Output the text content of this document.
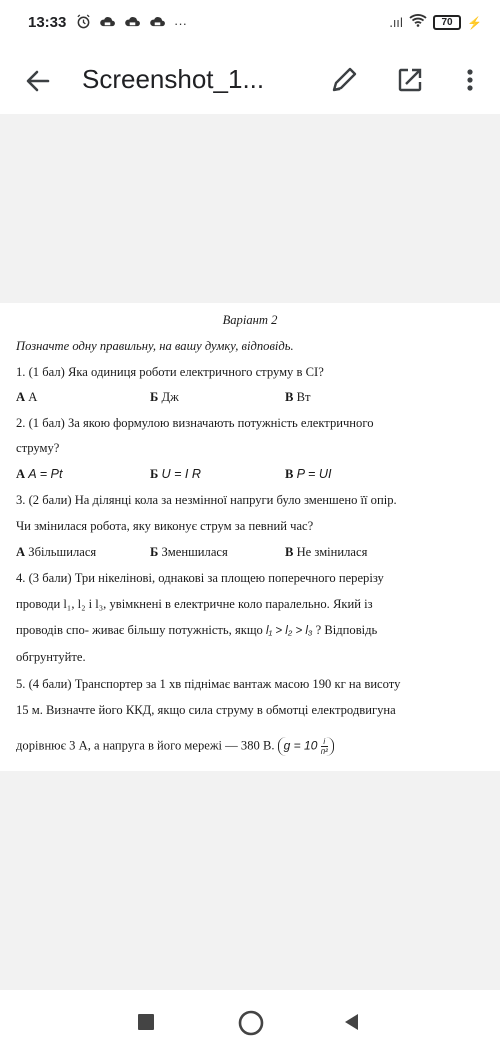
13:33	···	.ııl	70	⚡
Screenshot_1...
Варіант 2
Позначте одну правильну, на вашу думку, відповідь.
1. (1 бал) Яка одиниця роботи електричного струму в СІ?
А А	Б Дж	В Вт
2. (1 бал) За якою формулою визначають потужність електричного
струму?
А A = Pt	Б U = I R	В P = UI
3. (2 бали) На ділянці кола за незмінної напруги було зменшено її опір.
Чи змінилася робота, яку виконує струм за певний час?
А Збільшилася	Б Зменшилася	В Не змінилася
4. (3 бали) Три нікелінові, однакові за площею поперечного перерізу
проводи l₁, l₂ і l₃, увімкнені в електричне коло паралельно. Який із
проводів спо- живає більшу потужність, якщо l₁ > l₂ > l₃ ? Відповідь
обгрунтуйте.
5. (4 бали) Транспортер за 1 хв піднімає вантаж масою 190 кг на висоту
15 м. Визначте його ККД, якщо сила струму в обмотці електродвигуна
дорівнює 3 А, а напруга в його мережі — 380 В. $g = 10 \frac{і}{\text{п²}}$
